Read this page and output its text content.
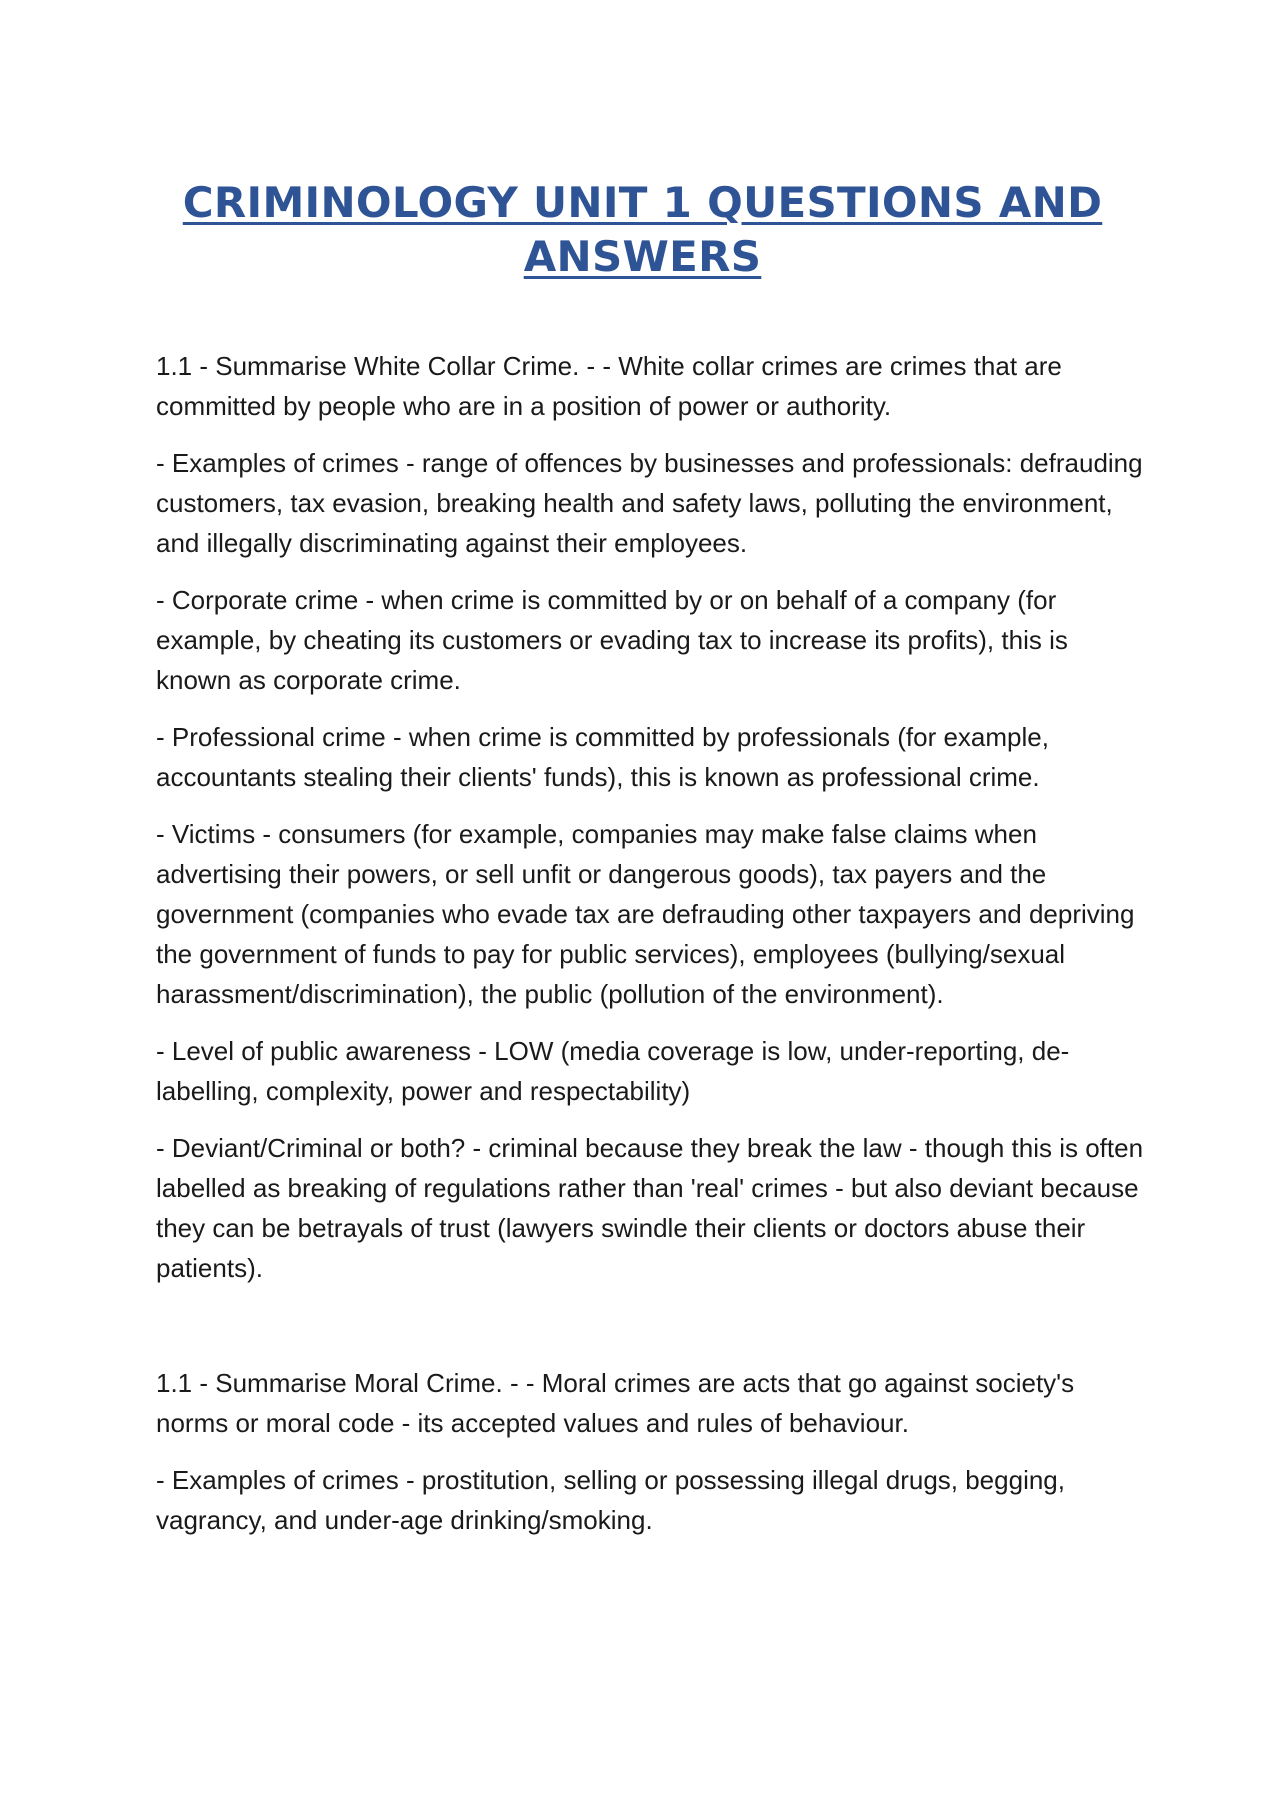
CRIMINOLOGY UNIT 1 QUESTIONS AND ANSWERS

1.1 - Summarise White Collar Crime. - - White collar crimes are crimes that are committed by people who are in a position of power or authority.

- Examples of crimes - range of offences by businesses and professionals: defrauding customers, tax evasion, breaking health and safety laws, polluting the environment, and illegally discriminating against their employees.

- Corporate crime - when crime is committed by or on behalf of a company (for example, by cheating its customers or evading tax to increase its profits), this is known as corporate crime.

- Professional crime - when crime is committed by professionals (for example, accountants stealing their clients' funds), this is known as professional crime.

- Victims - consumers (for example, companies may make false claims when advertising their powers, or sell unfit or dangerous goods), tax payers and the government (companies who evade tax are defrauding other taxpayers and depriving the government of funds to pay for public services), employees (bullying/sexual harassment/discrimination), the public (pollution of the environment).

- Level of public awareness - LOW (media coverage is low, under-reporting, de-labelling, complexity, power and respectability)

- Deviant/Criminal or both? - criminal because they break the law - though this is often labelled as breaking of regulations rather than 'real' crimes - but also deviant because they can be betrayals of trust (lawyers swindle their clients or doctors abuse their patients).

1.1 - Summarise Moral Crime. - - Moral crimes are acts that go against society's norms or moral code - its accepted values and rules of behaviour.

- Examples of crimes - prostitution, selling or possessing illegal drugs, begging, vagrancy, and under-age drinking/smoking.
